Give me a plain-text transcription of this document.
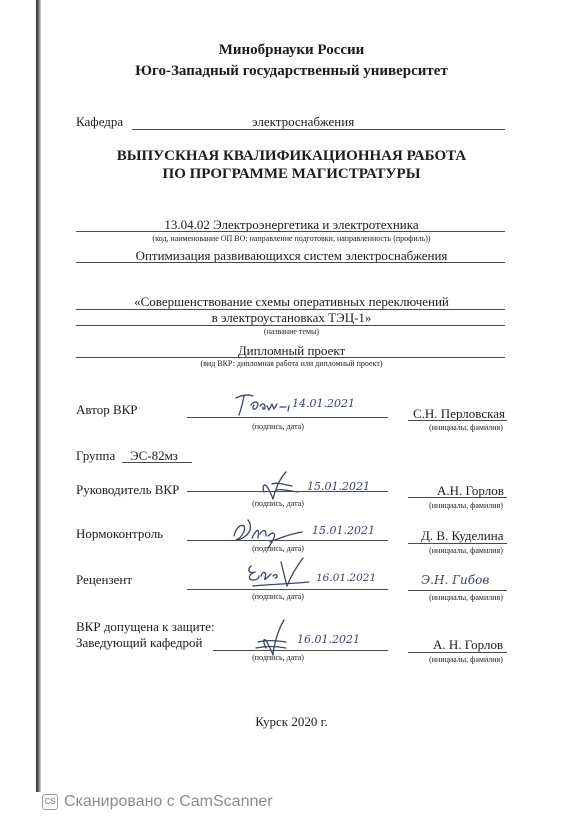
Минобрнауки России
Юго-Западный государственный университет
Кафедра	электроснабжения
ВЫПУСКНАЯ КВАЛИФИКАЦИОННАЯ РАБОТА
ПО ПРОГРАММЕ МАГИСТРАТУРЫ
13.04.02 Электроэнергетика и электротехника
(код, наименование ОП ВО: направление подготовки, направленность (профиль))
Оптимизация развивающихся систем электроснабжения
«Совершенствование схемы оперативных переключений
в электроустановках ТЭЦ-1»
(название темы)
Дипломный проект
(вид ВКР: дипломная работа или дипломный проект)
Автор ВКР	14.01.2021
(подпись, дата)
С.Н. Перловская
(инициалы, фамилия)
Группа ЭС-82мз
Руководитель ВКР	15.01.2021
(подпись, дата)
А.Н. Горлов
(инициалы, фамилия)
Нормоконтроль	15.01.2021
(подпись, дата)
Д. В. Куделина
(инициалы, фамилия)
Рецензент	16.01.2021
(подпись, дата)
Э.Н. Гибов
(инициалы, фамилия)
ВКР допущена к защите:
Заведующий кафедрой	16.01.2021
(подпись, дата)
А. Н. Горлов
(инициалы, фамилия)
Курск 2020 г.
CS Сканировано с CamScanner
